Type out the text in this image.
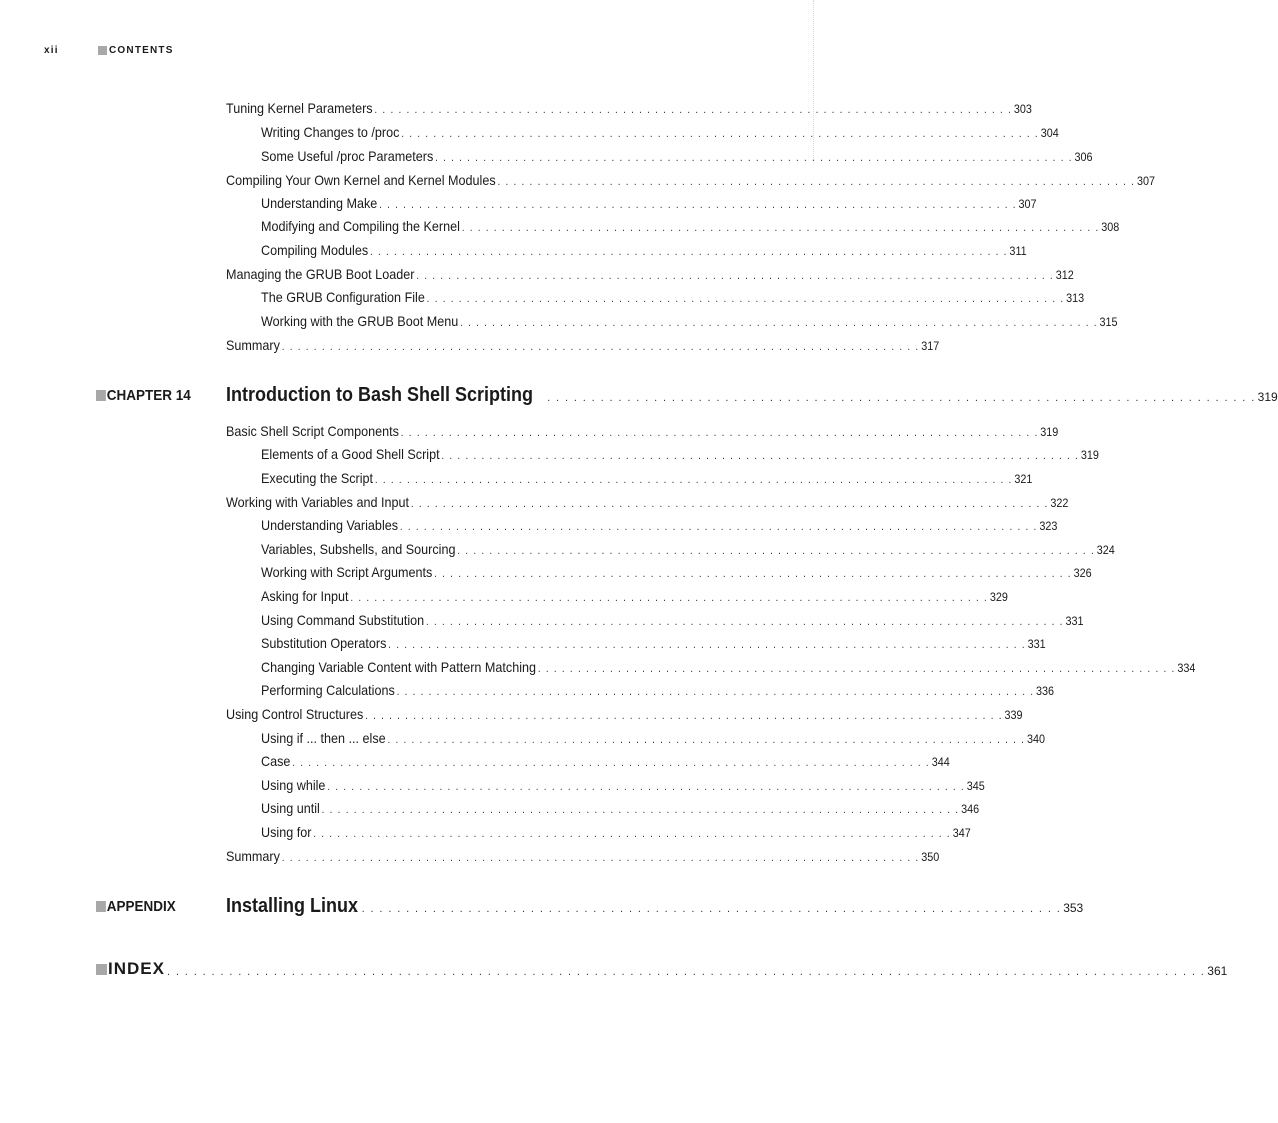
xii	CONTENTS
Tuning Kernel Parameters . . . . . . . . . . . . . . . . . . . . . . . . . . . . . . . . . . . . . . . . . . . . . . . . . . . . . . . . . . . . . . . . . . . . . . . . . . . . . . . . 303
Writing Changes to /proc . . . . . . . . . . . . . . . . . . . . . . . . . . . . . . . . . . . . . . . . . . . . . . . . . . . . . . . . . . . . . . . . . . . . . . . . . . . . . . . . 304
Some Useful /proc Parameters . . . . . . . . . . . . . . . . . . . . . . . . . . . . . . . . . . . . . . . . . . . . . . . . . . . . . . . . . . . . . . . . . . . . . . . . . . . . . . . . 306
Compiling Your Own Kernel and Kernel Modules . . . . . . . . . . . . . . . . . . . . . . . . . . . . . . . . . . . . . . . . . . . . . . . . . . . . . . . . . . . . . . . . . . . . . . . . . . . . . . . . 307
Understanding Make . . . . . . . . . . . . . . . . . . . . . . . . . . . . . . . . . . . . . . . . . . . . . . . . . . . . . . . . . . . . . . . . . . . . . . . . . . . . . . . . 307
Modifying and Compiling the Kernel . . . . . . . . . . . . . . . . . . . . . . . . . . . . . . . . . . . . . . . . . . . . . . . . . . . . . . . . . . . . . . . . . . . . . . . . . . . . . . . . 308
Compiling Modules . . . . . . . . . . . . . . . . . . . . . . . . . . . . . . . . . . . . . . . . . . . . . . . . . . . . . . . . . . . . . . . . . . . . . . . . . . . . . . . . 311
Managing the GRUB Boot Loader . . . . . . . . . . . . . . . . . . . . . . . . . . . . . . . . . . . . . . . . . . . . . . . . . . . . . . . . . . . . . . . . . . . . . . . . . . . . . . . . 312
The GRUB Configuration File . . . . . . . . . . . . . . . . . . . . . . . . . . . . . . . . . . . . . . . . . . . . . . . . . . . . . . . . . . . . . . . . . . . . . . . . . . . . . . . . 313
Working with the GRUB Boot Menu . . . . . . . . . . . . . . . . . . . . . . . . . . . . . . . . . . . . . . . . . . . . . . . . . . . . . . . . . . . . . . . . . . . . . . . . . . . . . . . . 315
Summary . . . . . . . . . . . . . . . . . . . . . . . . . . . . . . . . . . . . . . . . . . . . . . . . . . . . . . . . . . . . . . . . . . . . . . . . . . . . . . . . 317
CHAPTER 14 Introduction to Bash Shell Scripting . . . . . . . . . . . . . . . . . . . . . . . . . . . . . . . . . . . . . . . . . . . . . . . . . . . . . . . . . . . . . . . . . . . . . . . . . . . . . . . . 319
Basic Shell Script Components . . . . . . . . . . . . . . . . . . . . . . . . . . . . . . . . . . . . . . . . . . . . . . . . . . . . . . . . . . . . . . . . . . . . . . . . . . . . . . . . 319
Elements of a Good Shell Script . . . . . . . . . . . . . . . . . . . . . . . . . . . . . . . . . . . . . . . . . . . . . . . . . . . . . . . . . . . . . . . . . . . . . . . . . . . . . . . . 319
Executing the Script . . . . . . . . . . . . . . . . . . . . . . . . . . . . . . . . . . . . . . . . . . . . . . . . . . . . . . . . . . . . . . . . . . . . . . . . . . . . . . . . 321
Working with Variables and Input . . . . . . . . . . . . . . . . . . . . . . . . . . . . . . . . . . . . . . . . . . . . . . . . . . . . . . . . . . . . . . . . . . . . . . . . . . . . . . . . 322
Understanding Variables . . . . . . . . . . . . . . . . . . . . . . . . . . . . . . . . . . . . . . . . . . . . . . . . . . . . . . . . . . . . . . . . . . . . . . . . . . . . . . . . 323
Variables, Subshells, and Sourcing . . . . . . . . . . . . . . . . . . . . . . . . . . . . . . . . . . . . . . . . . . . . . . . . . . . . . . . . . . . . . . . . . . . . . . . . . . . . . . . . 324
Working with Script Arguments . . . . . . . . . . . . . . . . . . . . . . . . . . . . . . . . . . . . . . . . . . . . . . . . . . . . . . . . . . . . . . . . . . . . . . . . . . . . . . . . 326
Asking for Input . . . . . . . . . . . . . . . . . . . . . . . . . . . . . . . . . . . . . . . . . . . . . . . . . . . . . . . . . . . . . . . . . . . . . . . . . . . . . . . . 329
Using Command Substitution . . . . . . . . . . . . . . . . . . . . . . . . . . . . . . . . . . . . . . . . . . . . . . . . . . . . . . . . . . . . . . . . . . . . . . . . . . . . . . . . 331
Substitution Operators . . . . . . . . . . . . . . . . . . . . . . . . . . . . . . . . . . . . . . . . . . . . . . . . . . . . . . . . . . . . . . . . . . . . . . . . . . . . . . . . 331
Changing Variable Content with Pattern Matching . . . . . . . . . . . . . . . . . . . . . . . . . . . . . . . . . . . . . . . . . . . . . . . . . . . . . . . . . . . . . . . . . . . . . . . . . . . . . . . . 334
Performing Calculations . . . . . . . . . . . . . . . . . . . . . . . . . . . . . . . . . . . . . . . . . . . . . . . . . . . . . . . . . . . . . . . . . . . . . . . . . . . . . . . . 336
Using Control Structures . . . . . . . . . . . . . . . . . . . . . . . . . . . . . . . . . . . . . . . . . . . . . . . . . . . . . . . . . . . . . . . . . . . . . . . . . . . . . . . . 339
Using if ... then ... else . . . . . . . . . . . . . . . . . . . . . . . . . . . . . . . . . . . . . . . . . . . . . . . . . . . . . . . . . . . . . . . . . . . . . . . . . . . . . . . . 340
Case . . . . . . . . . . . . . . . . . . . . . . . . . . . . . . . . . . . . . . . . . . . . . . . . . . . . . . . . . . . . . . . . . . . . . . . . . . . . . . . . 344
Using while . . . . . . . . . . . . . . . . . . . . . . . . . . . . . . . . . . . . . . . . . . . . . . . . . . . . . . . . . . . . . . . . . . . . . . . . . . . . . . . . 345
Using until . . . . . . . . . . . . . . . . . . . . . . . . . . . . . . . . . . . . . . . . . . . . . . . . . . . . . . . . . . . . . . . . . . . . . . . . . . . . . . . . 346
Using for . . . . . . . . . . . . . . . . . . . . . . . . . . . . . . . . . . . . . . . . . . . . . . . . . . . . . . . . . . . . . . . . . . . . . . . . . . . . . . . . 347
Summary . . . . . . . . . . . . . . . . . . . . . . . . . . . . . . . . . . . . . . . . . . . . . . . . . . . . . . . . . . . . . . . . . . . . . . . . . . . . . . . . 350
APPENDIX	Installing Linux
. . . . . . . . . . . . . . . . . . . . . . . . . . . . . . . . . . . . . . . . . . . . . . . . . . . . . . . . . . . . . . . . . . . . . . . . . . . . . . . . 353
INDEX . . . . . . . . . . . . . . . . . . . . . . . . . . . . . . . . . . . . . . . . . . . . . . . . . . . . . . . . . . . . . . . . . . . . . . . . . . . . . . . . . . . . . . . . . . . . . . . . . . . . . . . . . . . . . . . . . . . . . 361
